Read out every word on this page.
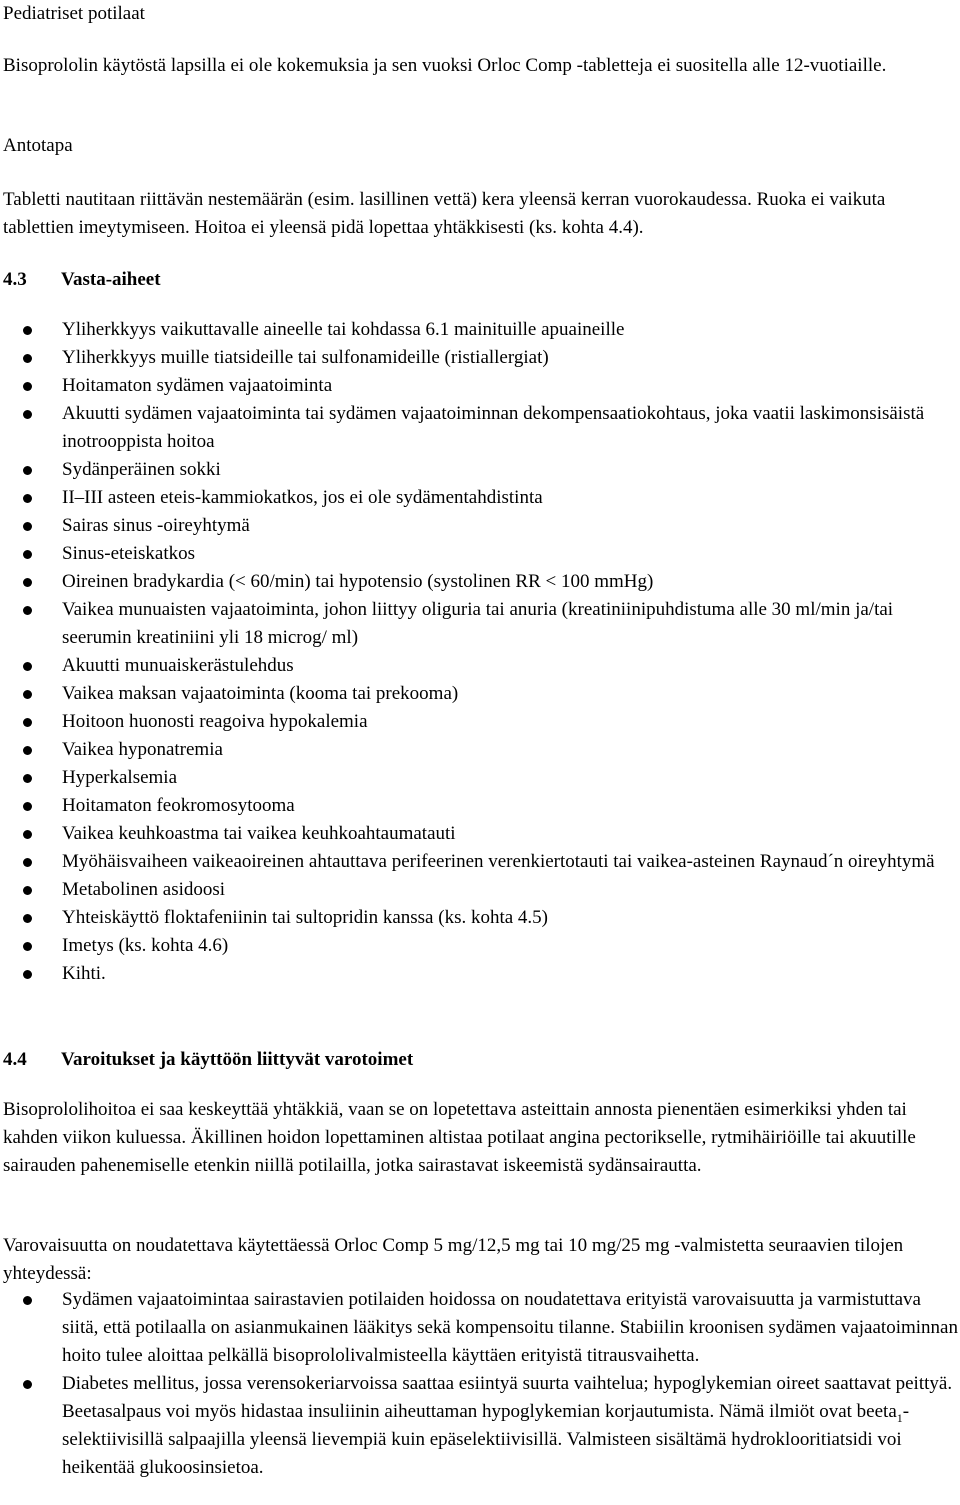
Pediatriset potilaat

Bisoprololin käytöstä lapsilla ei ole kokemuksia ja sen vuoksi Orloc Comp -tabletteja ei suositella alle 12-vuotiaille.

Antotapa

Tabletti nautitaan riittävän nestemäärän (esim. lasillinen vettä) kera yleensä kerran vuorokaudessa. Ruoka ei vaikuta tablettien imeytymiseen. Hoitoa ei yleensä pidä lopettaa yhtäkkisesti (ks. kohta 4.4).

4.3 Vasta-aiheet

Yliherkkyys vaikuttavalle aineelle tai kohdassa 6.1 mainituille apuaineille
Yliherkkyys muille tiatsideille tai sulfonamideille (ristiallergiat)
Hoitamaton sydämen vajaatoiminta
Akuutti sydämen vajaatoiminta tai sydämen vajaatoiminnan dekompensaatiokohtaus, joka vaatii laskimonsisäistä inotrooppista hoitoa
Sydänperäinen sokki
II–III asteen eteis-kammiokatkos, jos ei ole sydämentahdistinta
Sairas sinus -oireyhtymä
Sinus-eteiskatkos
Oireinen bradykardia (< 60/min) tai hypotensio (systolinen RR < 100 mmHg)
Vaikea munuaisten vajaatoiminta, johon liittyy oliguria tai anuria (kreatiniinipuhdistuma alle 30 ml/min ja/tai seerumin kreatiniini yli 18 microg/ ml)
Akuutti munuaiskerästulehdus
Vaikea maksan vajaatoiminta (kooma tai prekooma)
Hoitoon huonosti reagoiva hypokalemia
Vaikea hyponatremia
Hyperkalsemia
Hoitamaton feokromosytooma
Vaikea keuhkoastma tai vaikea keuhkoahtaumatauti
Myöhäisvaiheen vaikeaoireinen ahtauttava perifeerinen verenkiertotauti tai vaikea-asteinen Raynaud´n oireyhtymä
Metabolinen asidoosi
Yhteiskäyttö floktafeniinin tai sultopridin kanssa (ks. kohta 4.5)
Imetys (ks. kohta 4.6)
Kihti.

4.4 Varoitukset ja käyttöön liittyvät varotoimet

Bisoprololihoitoa ei saa keskeyttää yhtäkkiä, vaan se on lopetettava asteittain annosta pienentäen esimerkiksi yhden tai kahden viikon kuluessa. Äkillinen hoidon lopettaminen altistaa potilaat angina pectorikselle, rytmihäiriöille tai akuutille sairauden pahenemiselle etenkin niillä potilailla, jotka sairastavat iskeemistä sydänsairautta.

Varovaisuutta on noudatettava käytettäessä Orloc Comp 5 mg/12,5 mg tai 10 mg/25 mg -valmistetta seuraavien tilojen yhteydessä:

Sydämen vajaatoimintaa sairastavien potilaiden hoidossa on noudatettava erityistä varovaisuutta ja varmistuttava siitä, että potilaalla on asianmukainen lääkitys sekä kompensoitu tilanne. Stabiilin kroonisen sydämen vajaatoiminnan hoito tulee aloittaa pelkällä bisoprololivalmisteella käyttäen erityistä titrausvaihetta.
Diabetes mellitus, jossa verensokeriarvoissa saattaa esiintyä suurta vaihtelua; hypoglykemian oireet saattavat peittyä. Beetasalpaus voi myös hidastaa insuliinin aiheuttaman hypoglykemian korjautumista. Nämä ilmiöt ovat beeta$_1$-selektiivisillä salpaajilla yleensä lievempiä kuin epäselektiivisillä. Valmisteen sisältämä hydroklooritiatsidi voi heikentää glukoosinsietoa.
